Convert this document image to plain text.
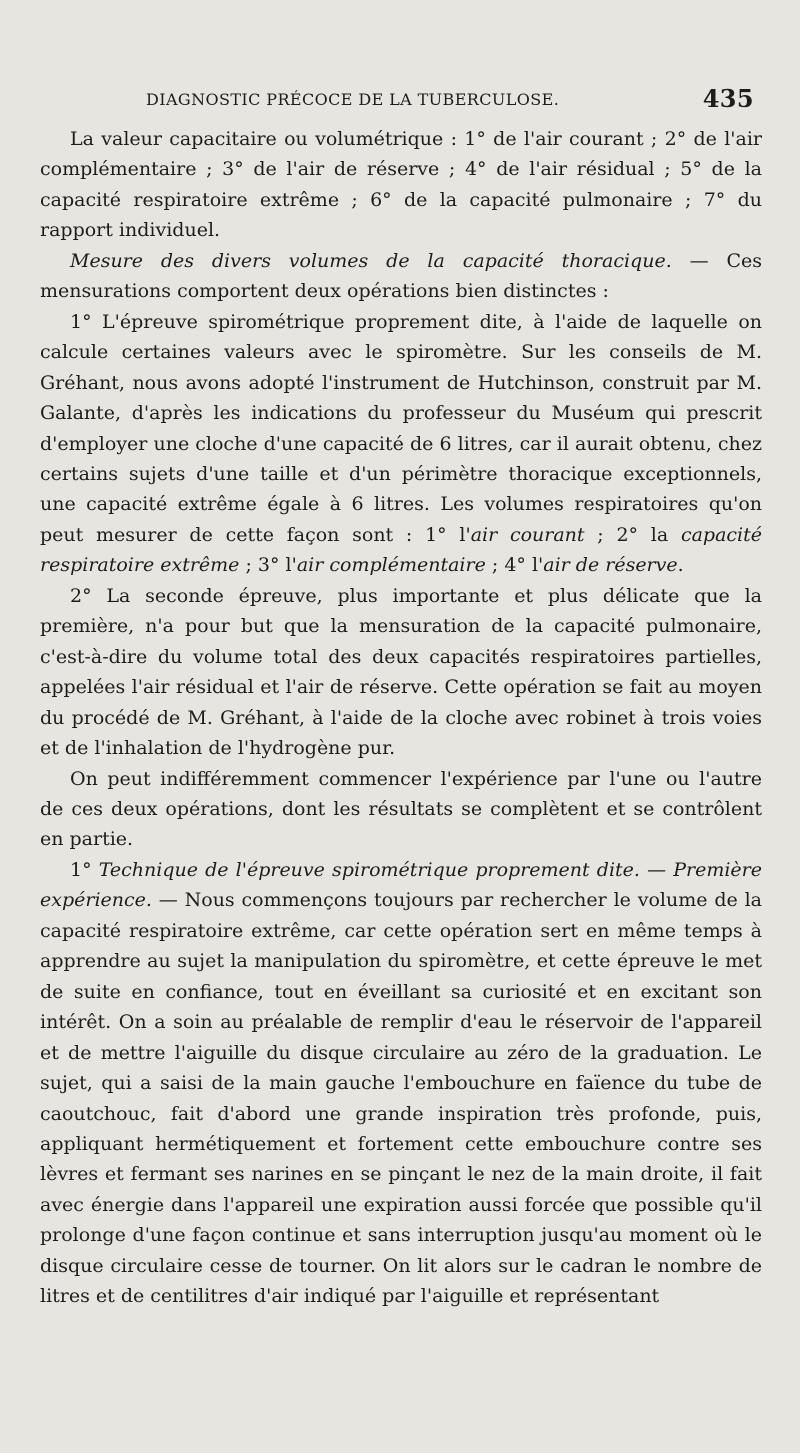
DIAGNOSTIC PRÉCOCE DE LA TUBERCULOSE.	435

La valeur capacitaire ou volumétrique : 1° de l'air courant ; 2° de l'air complémentaire ; 3° de l'air de réserve ; 4° de l'air résidual ; 5° de la capacité respiratoire extrême ; 6° de la capacité pulmonaire ; 7° du rapport individuel.

Mesure des divers volumes de la capacité thoracique. — Ces mensurations comportent deux opérations bien distinctes :

1° L'épreuve spirométrique proprement dite, à l'aide de laquelle on calcule certaines valeurs avec le spiromètre. Sur les conseils de M. Gréhant, nous avons adopté l'instrument de Hutchinson, construit par M. Galante, d'après les indications du professeur du Muséum qui prescrit d'employer une cloche d'une capacité de 6 litres, car il aurait obtenu, chez certains sujets d'une taille et d'un périmètre thoracique exceptionnels, une capacité extrême égale à 6 litres. Les volumes respiratoires qu'on peut mesurer de cette façon sont : 1° l'air courant ; 2° la capacité respiratoire extrême ; 3° l'air complémentaire ; 4° l'air de réserve.

2° La seconde épreuve, plus importante et plus délicate que la première, n'a pour but que la mensuration de la capacité pulmonaire, c'est-à-dire du volume total des deux capacités respiratoires partielles, appelées l'air résidual et l'air de réserve. Cette opération se fait au moyen du procédé de M. Gréhant, à l'aide de la cloche avec robinet à trois voies et de l'inhalation de l'hydrogène pur.

On peut indifféremment commencer l'expérience par l'une ou l'autre de ces deux opérations, dont les résultats se complètent et se contrôlent en partie.

1° Technique de l'épreuve spirométrique proprement dite. — Première expérience. — Nous commençons toujours par rechercher le volume de la capacité respiratoire extrême, car cette opération sert en même temps à apprendre au sujet la manipulation du spiromètre, et cette épreuve le met de suite en confiance, tout en éveillant sa curiosité et en excitant son intérêt. On a soin au préalable de remplir d'eau le réservoir de l'appareil et de mettre l'aiguille du disque circulaire au zéro de la graduation. Le sujet, qui a saisi de la main gauche l'embouchure en faïence du tube de caoutchouc, fait d'abord une grande inspiration très profonde, puis, appliquant hermétiquement et fortement cette embouchure contre ses lèvres et fermant ses narines en se pinçant le nez de la main droite, il fait avec énergie dans l'appareil une expiration aussi forcée que possible qu'il prolonge d'une façon continue et sans interruption jusqu'au moment où le disque circulaire cesse de tourner. On lit alors sur le cadran le nombre de litres et de centilitres d'air indiqué par l'aiguille et représentant
